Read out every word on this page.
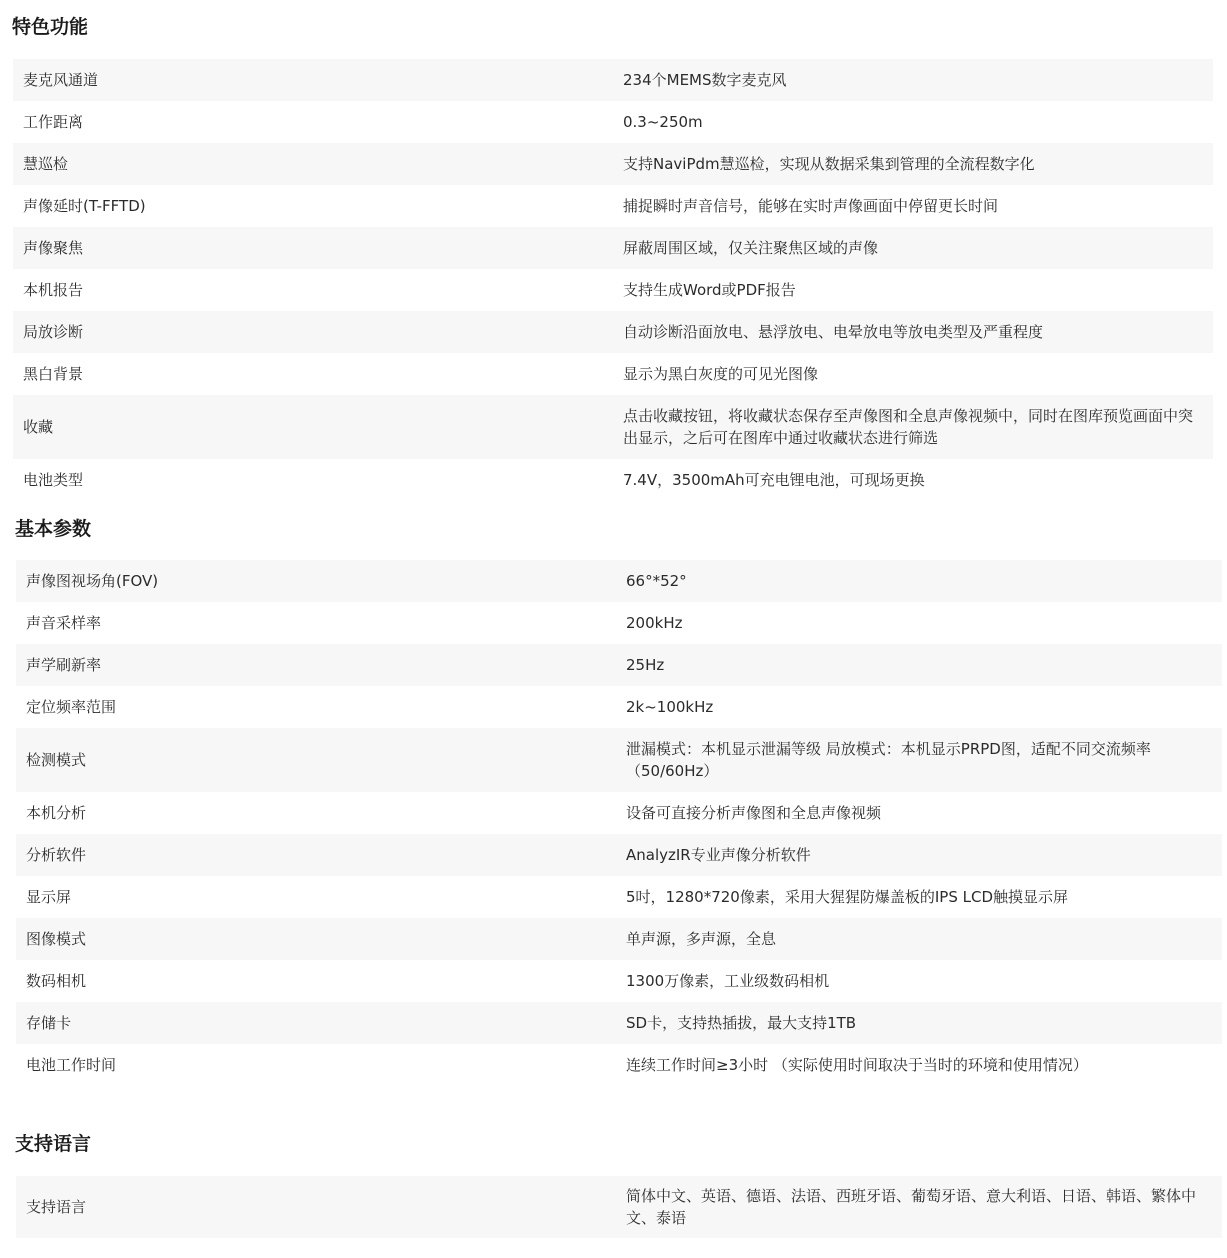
特色功能
麦克风通道	234个MEMS数字麦克风
工作距离	0.3~250m
慧巡检	支持NaviPdm慧巡检，实现从数据采集到管理的全流程数字化
声像延时(T-FFTD)	捕捉瞬时声音信号，能够在实时声像画面中停留更长时间
声像聚焦	屏蔽周围区域，仅关注聚焦区域的声像
本机报告	支持生成Word或PDF报告
局放诊断	自动诊断沿面放电、悬浮放电、电晕放电等放电类型及严重程度
黑白背景	显示为黑白灰度的可见光图像
收藏	点击收藏按钮，将收藏状态保存至声像图和全息声像视频中，同时在图库预览画面中突出显示，之后可在图库中通过收藏状态进行筛选
电池类型	7.4V，3500mAh可充电锂电池，可现场更换
基本参数
声像图视场角(FOV)	66°*52°
声音采样率	200kHz
声学刷新率	25Hz
定位频率范围	2k~100kHz
检测模式	泄漏模式：本机显示泄漏等级 局放模式：本机显示PRPD图，适配不同交流频率（50/60Hz）
本机分析	设备可直接分析声像图和全息声像视频
分析软件	AnalyzIR专业声像分析软件
显示屏	5吋，1280*720像素，采用大猩猩防爆盖板的IPS LCD触摸显示屏
图像模式	单声源，多声源，全息
数码相机	1300万像素，工业级数码相机
存储卡	SD卡，支持热插拔，最大支持1TB
电池工作时间	连续工作时间≥3小时 （实际使用时间取决于当时的环境和使用情况）
支持语言
支持语言	简体中文、英语、德语、法语、西班牙语、葡萄牙语、意大利语、日语、韩语、繁体中文、泰语
